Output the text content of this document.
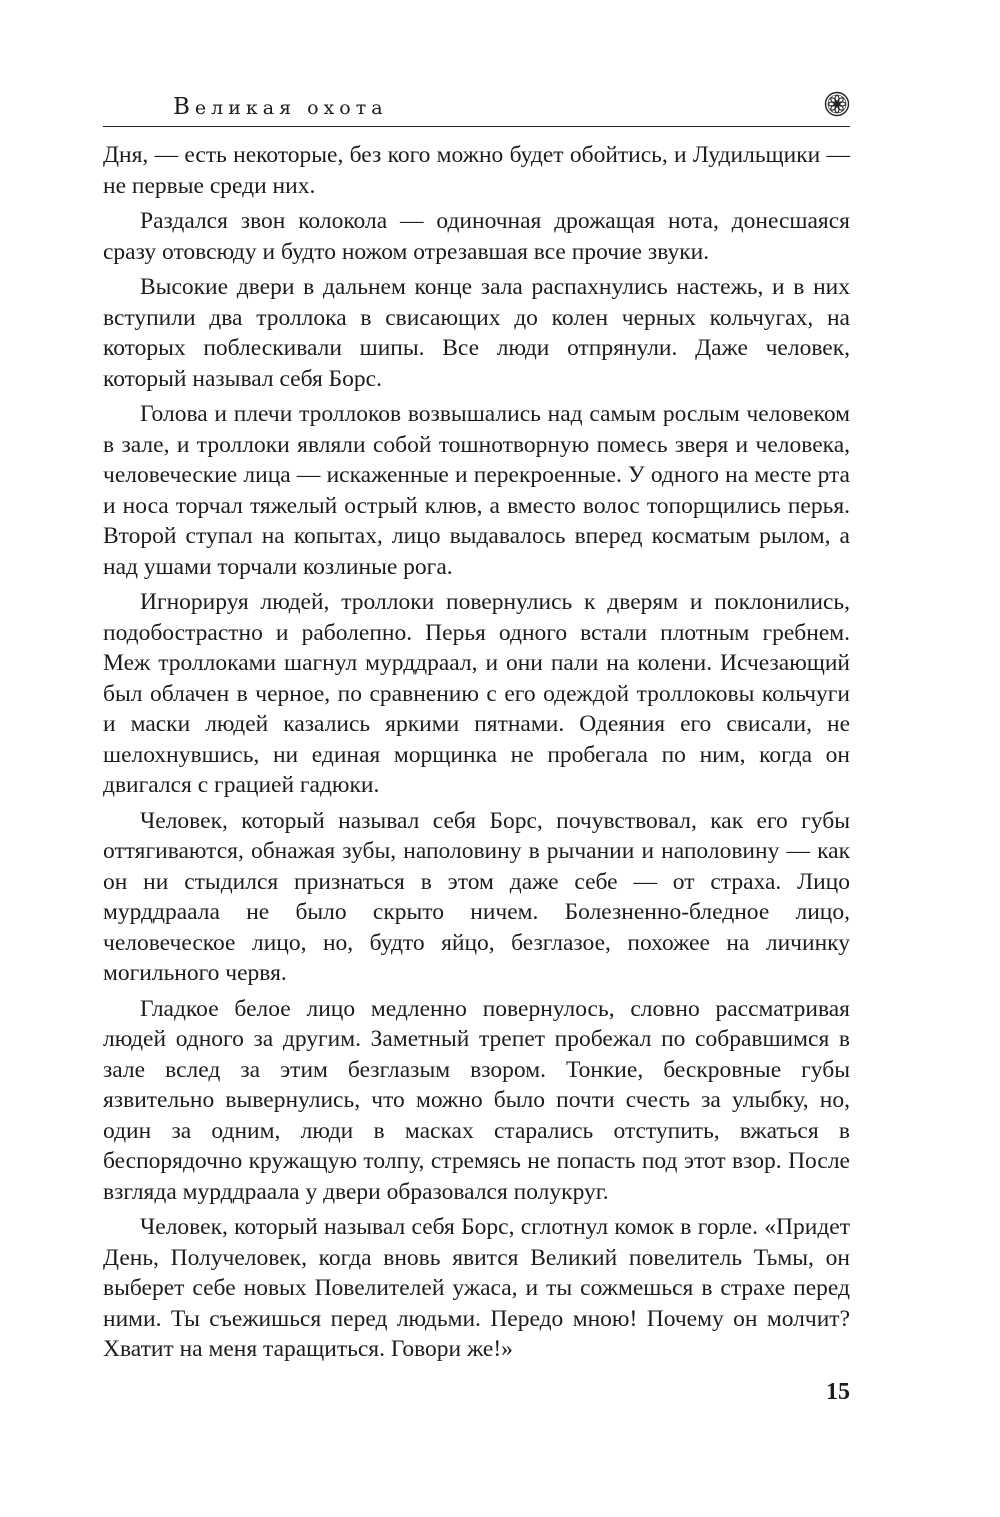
Великая охота

Дня, — есть некоторые, без кого можно будет обойтись, и Лудильщики — не первые среди них.

Раздался звон колокола — одиночная дрожащая нота, донесшаяся сразу отовсюду и будто ножом отрезавшая все прочие звуки.

Высокие двери в дальнем конце зала распахнулись настежь, и в них вступили два троллока в свисающих до колен черных кольчугах, на которых поблескивали шипы. Все люди отпрянули. Даже человек, который называл себя Борс.

Голова и плечи троллоков возвышались над самым рослым человеком в зале, и троллоки являли собой тошнотворную помесь зверя и человека, человеческие лица — искаженные и перекроенные. У одного на месте рта и носа торчал тяжелый острый клюв, а вместо волос топорщились перья. Второй ступал на копытах, лицо выдавалось вперед косматым рылом, а над ушами торчали козлиные рога.

Игнорируя людей, троллоки повернулись к дверям и поклонились, подобострастно и раболепно. Перья одного встали плотным гребнем. Меж троллоками шагнул мурддраал, и они пали на колени. Исчезающий был облачен в черное, по сравнению с его одеждой троллоковы кольчуги и маски людей казались яркими пятнами. Одеяния его свисали, не шелохнувшись, ни единая морщинка не пробегала по ним, когда он двигался с грацией гадюки.

Человек, который называл себя Борс, почувствовал, как его губы оттягиваются, обнажая зубы, наполовину в рычании и наполовину — как он ни стыдился признаться в этом даже себе — от страха. Лицо мурддраала не было скрыто ничем. Болезненно-бледное лицо, человеческое лицо, но, будто яйцо, безглазое, похожее на личинку могильного червя.

Гладкое белое лицо медленно повернулось, словно рассматривая людей одного за другим. Заметный трепет пробежал по собравшимся в зале вслед за этим безглазым взором. Тонкие, бескровные губы язвительно вывернулись, что можно было почти счесть за улыбку, но, один за одним, люди в масках старались отступить, вжаться в беспорядочно кружащую толпу, стремясь не попасть под этот взор. После взгляда мурддраала у двери образовался полукруг.

Человек, который называл себя Борс, сглотнул комок в горле. «Придет День, Получеловек, когда вновь явится Великий повелитель Тьмы, он выберет себе новых Повелителей ужаса, и ты сожмешься в страхе перед ними. Ты съежишься перед людьми. Передо мною! Почему он молчит? Хватит на меня таращиться. Говори же!»

15
